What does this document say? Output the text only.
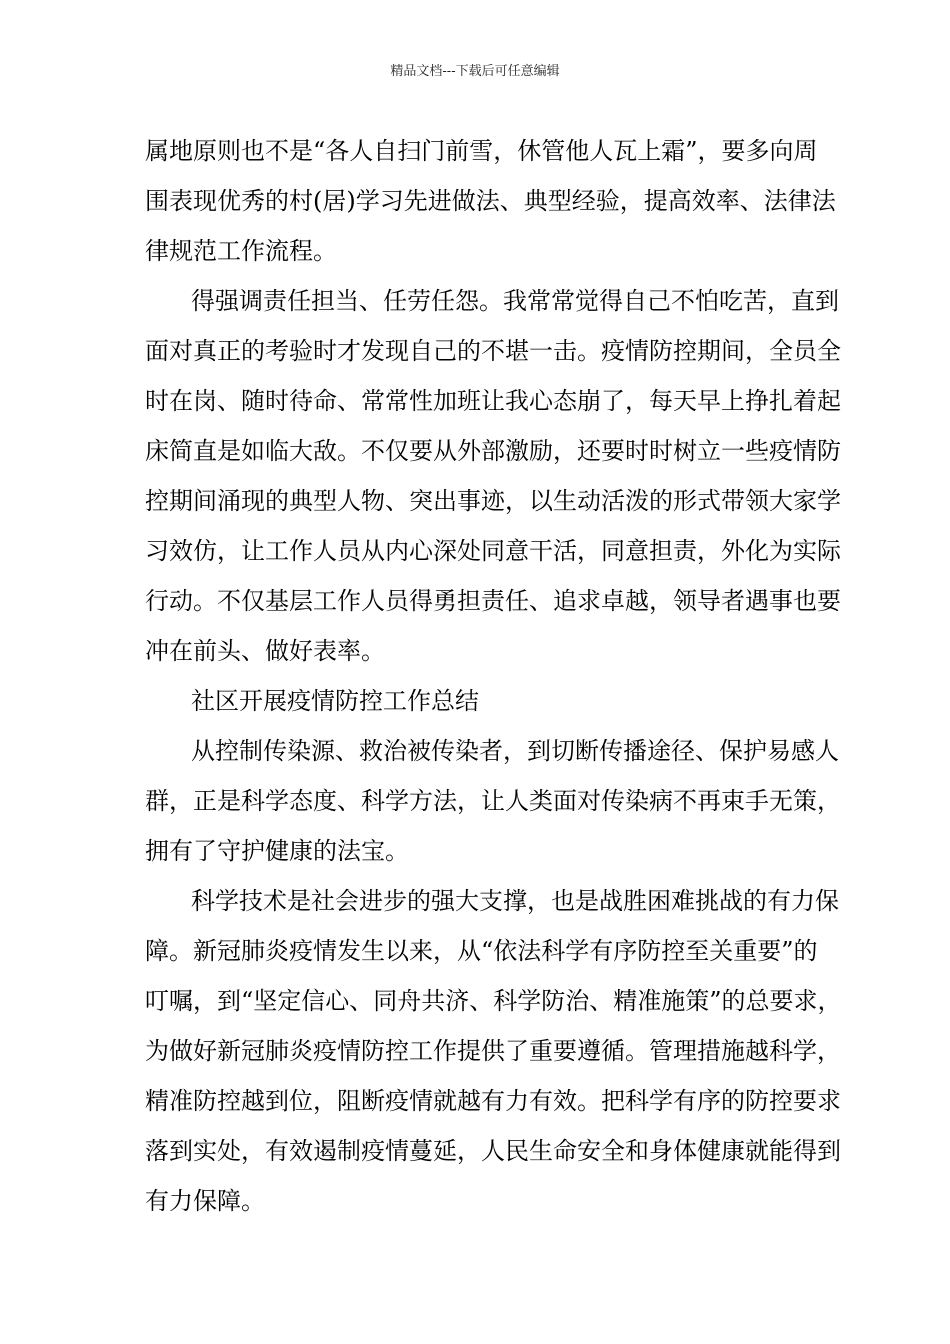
精品文档---下载后可任意编辑
属地原则也不是“各人自扫门前雪，休管他人瓦上霜”，要多向周
围表现优秀的村(居)学习先进做法、典型经验，提高效率、法律法
律规范工作流程。
得强调责任担当、任劳任怨。我常常觉得自己不怕吃苦，直到
面对真正的考验时才发现自己的不堪一击。疫情防控期间，全员全
时在岗、随时待命、常常性加班让我心态崩了，每天早上挣扎着起
床简直是如临大敌。不仅要从外部激励，还要时时树立一些疫情防
控期间涌现的典型人物、突出事迹，以生动活泼的形式带领大家学
习效仿，让工作人员从内心深处同意干活，同意担责，外化为实际
行动。不仅基层工作人员得勇担责任、追求卓越，领导者遇事也要
冲在前头、做好表率。
社区开展疫情防控工作总结
从控制传染源、救治被传染者，到切断传播途径、保护易感人
群，正是科学态度、科学方法，让人类面对传染病不再束手无策，
拥有了守护健康的法宝。
科学技术是社会进步的强大支撑，也是战胜困难挑战的有力保
障。新冠肺炎疫情发生以来，从“依法科学有序防控至关重要”的
叮嘱，到“坚定信心、同舟共济、科学防治、精准施策”的总要求，
为做好新冠肺炎疫情防控工作提供了重要遵循。管理措施越科学，
精准防控越到位，阻断疫情就越有力有效。把科学有序的防控要求
落到实处，有效遏制疫情蔓延，人民生命安全和身体健康就能得到
有力保障。
